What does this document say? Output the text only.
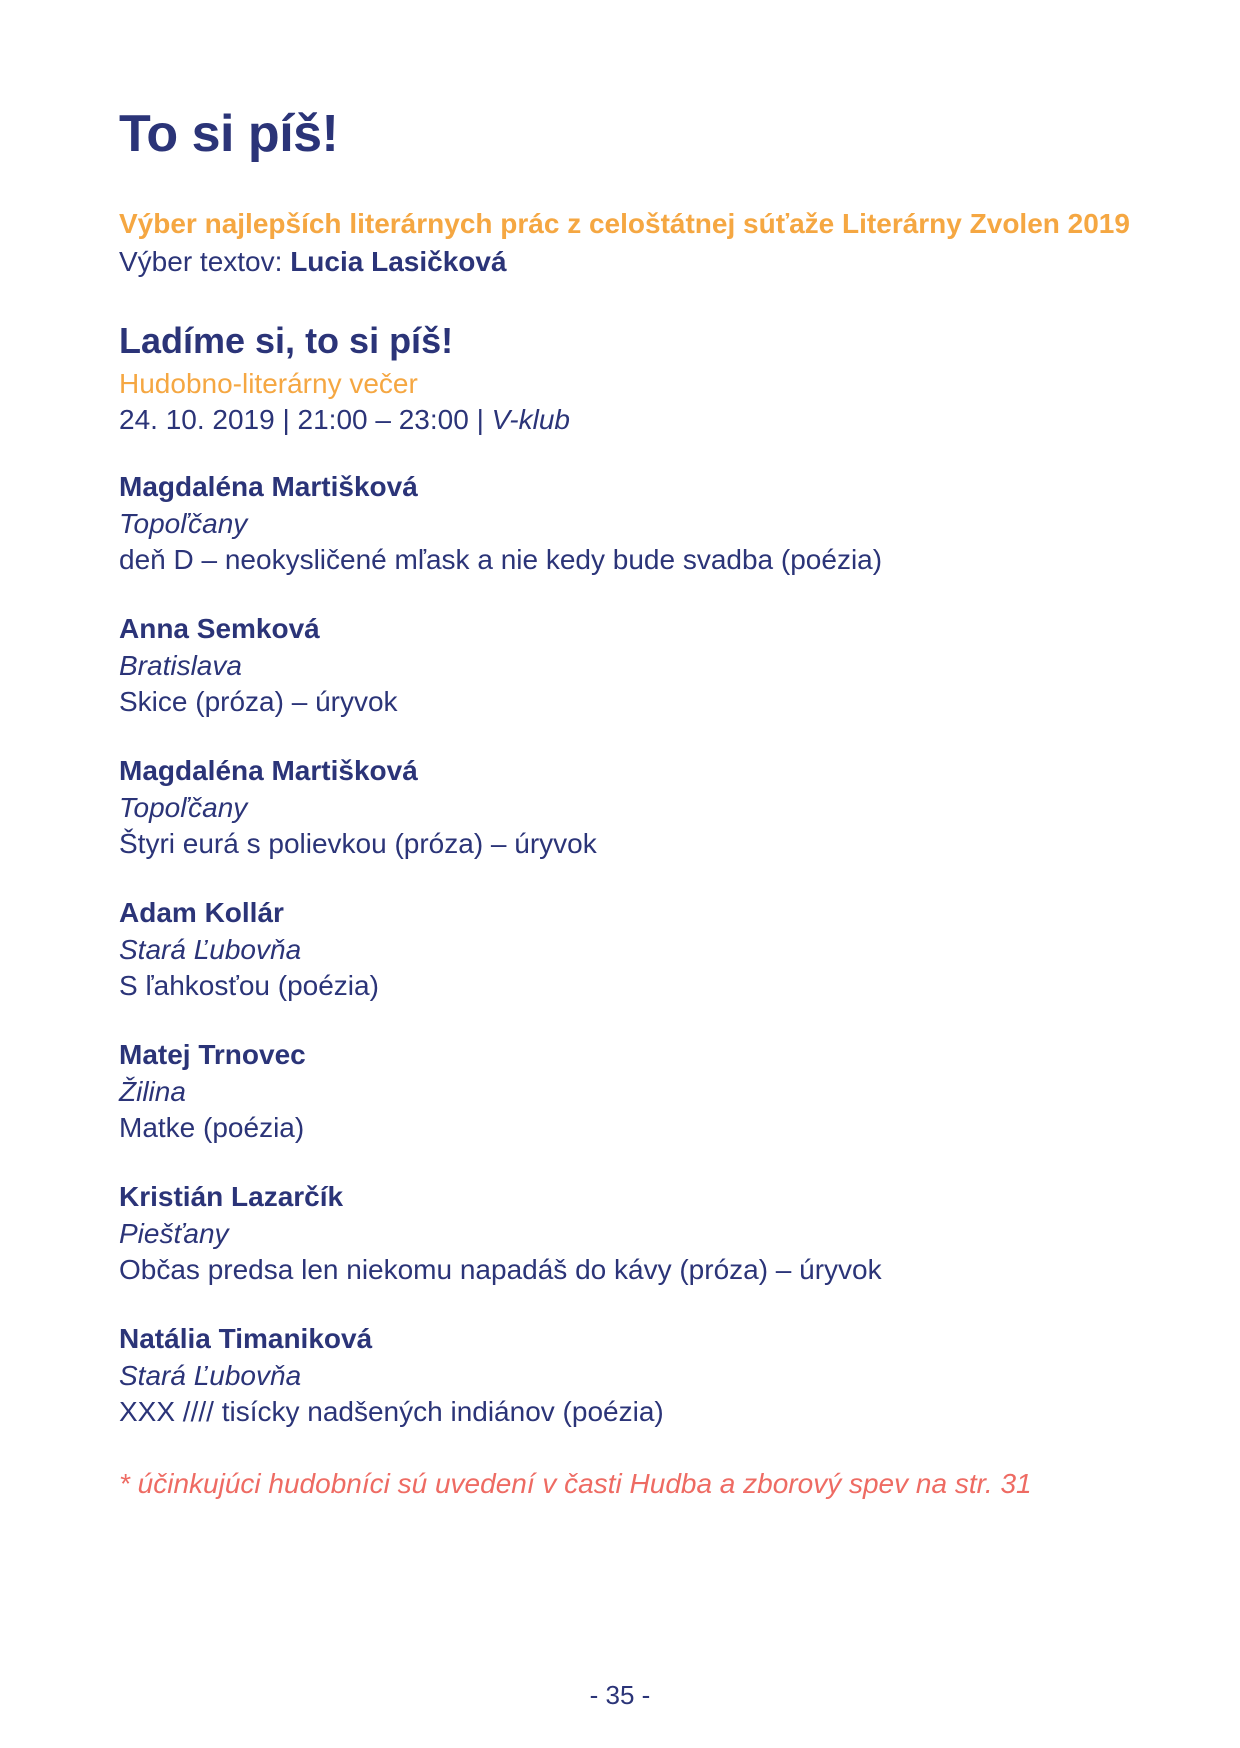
To si píš!
Výber najlepších literárnych prác z celoštátnej súťaže Literárny Zvolen 2019
Výber textov: Lucia Lasičková
Ladíme si, to si píš!
Hudobno-literárny večer
24. 10. 2019 | 21:00 – 23:00 | V-klub
Magdaléna Martišková
Topoľčany
deň D – neokysličené mľask a nie kedy bude svadba (poézia)
Anna Semková
Bratislava
Skice (próza) – úryvok
Magdaléna Martišková
Topoľčany
Štyri eurá s polievkou (próza) – úryvok
Adam Kollár
Stará Ľubovňa
S ľahkosťou (poézia)
Matej Trnovec
Žilina
Matke (poézia)
Kristián Lazarčík
Piešťany
Občas predsa len niekomu napadáš do kávy (próza) – úryvok
Natália Timaniková
Stará Ľubovňa
XXX //// tisícky nadšených indiánov (poézia)
* účinkujúci hudobníci sú uvedení v časti Hudba a zborový spev na str. 31
- 35 -
